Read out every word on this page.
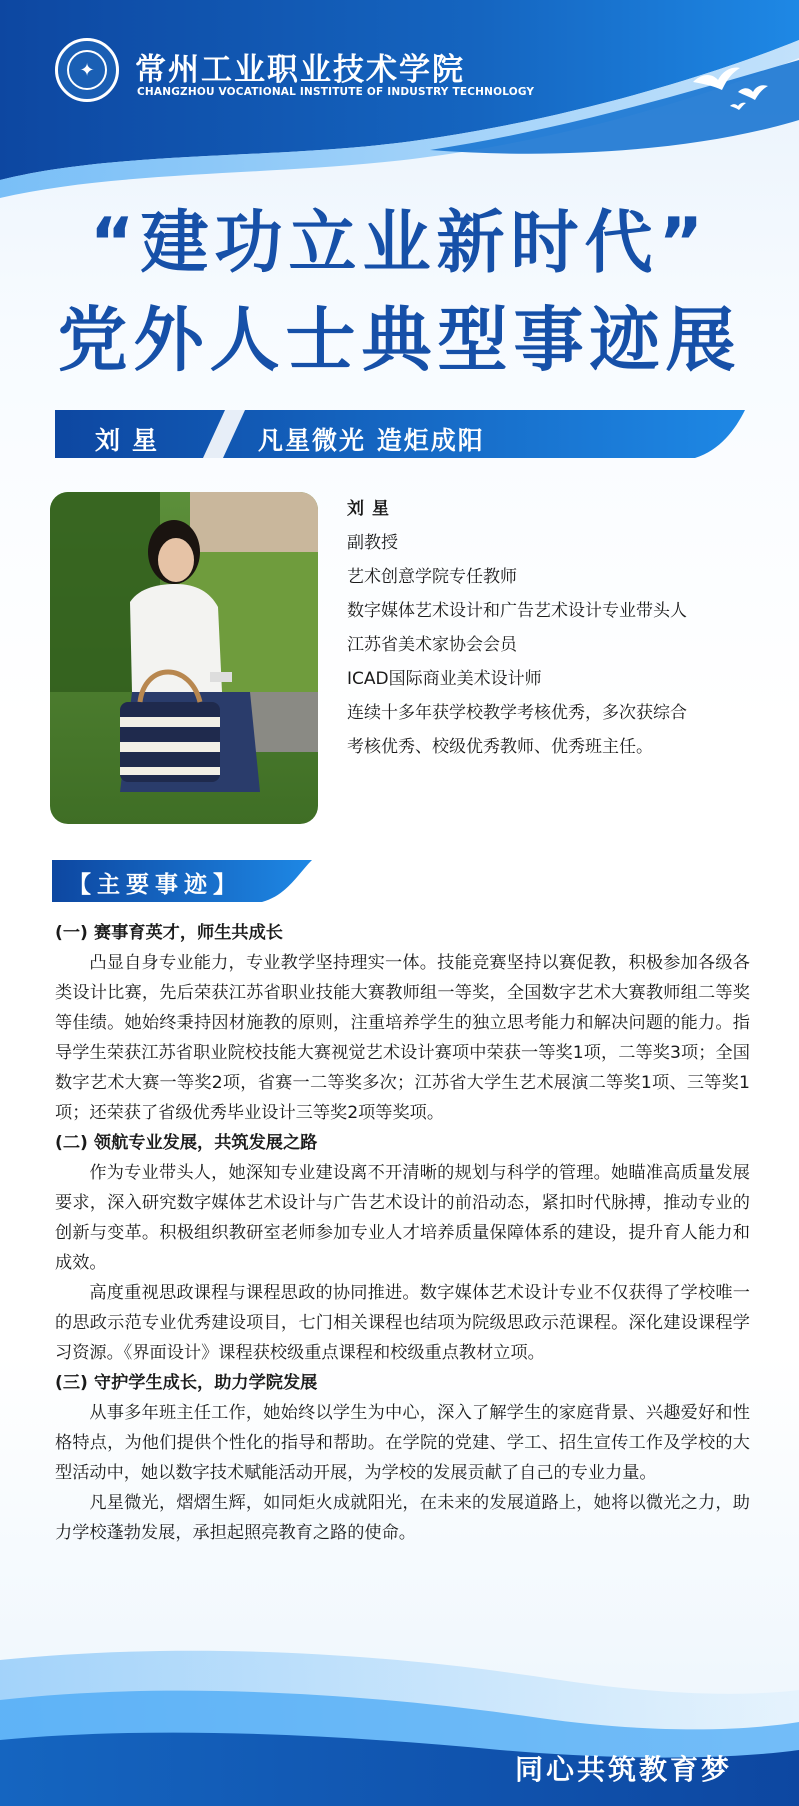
✦	常州工业职业技术学院
CHANGZHOU VOCATIONAL INSTITUTE OF INDUSTRY TECHNOLOGY
“建功立业新时代”
党外人士典型事迹展
刘星	凡星微光 造炬成阳
刘星
副教授
艺术创意学院专任教师
数字媒体艺术设计和广告艺术设计专业带头人
江苏省美术家协会会员
ICAD国际商业美术设计师
连续十多年获学校教学考核优秀，多次获综合
考核优秀、校级优秀教师、优秀班主任。
【主要事迹】
(一) 赛事育英才，师生共成长
凸显自身专业能力，专业教学坚持理实一体。技能竞赛坚持以赛促教，积极参加各级各类设计比赛，先后荣获江苏省职业技能大赛教师组一等奖，全国数字艺术大赛教师组二等奖等佳绩。她始终秉持因材施教的原则，注重培养学生的独立思考能力和解决问题的能力。指导学生荣获江苏省职业院校技能大赛视觉艺术设计赛项中荣获一等奖1项，二等奖3项；全国数字艺术大赛一等奖2项，省赛一二等奖多次；江苏省大学生艺术展演二等奖1项、三等奖1项；还荣获了省级优秀毕业设计三等奖2项等奖项。
(二) 领航专业发展，共筑发展之路
作为专业带头人，她深知专业建设离不开清晰的规划与科学的管理。她瞄准高质量发展要求，深入研究数字媒体艺术设计与广告艺术设计的前沿动态，紧扣时代脉搏，推动专业的创新与变革。积极组织教研室老师参加专业人才培养质量保障体系的建设，提升育人能力和成效。
高度重视思政课程与课程思政的协同推进。数字媒体艺术设计专业不仅获得了学校唯一的思政示范专业优秀建设项目，七门相关课程也结项为院级思政示范课程。深化建设课程学习资源。《界面设计》课程获校级重点课程和校级重点教材立项。
(三) 守护学生成长，助力学院发展
从事多年班主任工作，她始终以学生为中心，深入了解学生的家庭背景、兴趣爱好和性格特点，为他们提供个性化的指导和帮助。在学院的党建、学工、招生宣传工作及学校的大型活动中，她以数字技术赋能活动开展，为学校的发展贡献了自己的专业力量。
凡星微光，熠熠生辉，如同炬火成就阳光，在未来的发展道路上，她将以微光之力，助力学校蓬勃发展，承担起照亮教育之路的使命。
同心共筑教育梦
